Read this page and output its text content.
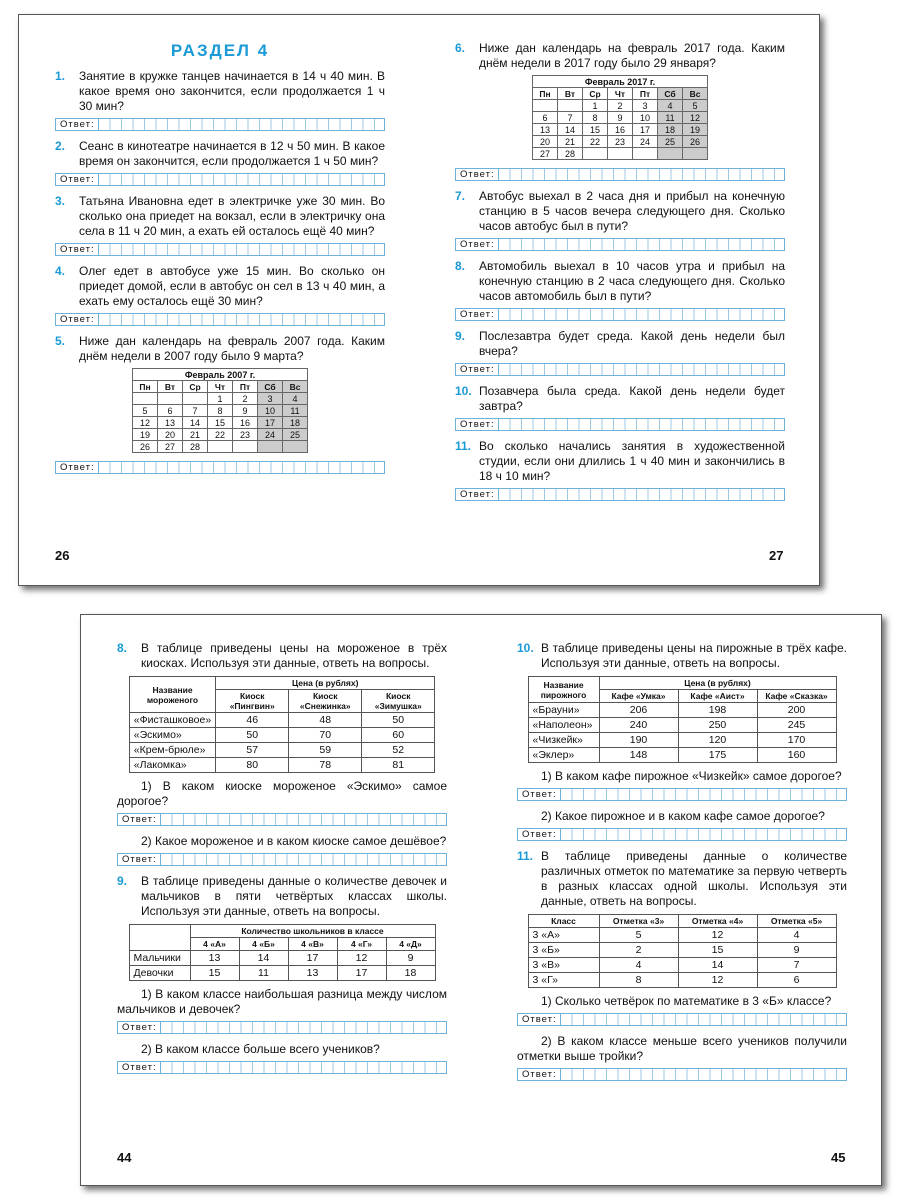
РАЗДЕЛ 4
1.	Занятие в кружке танцев начинается в 14 ч 40 мин. В какое время оно закончится, если продолжается 1 ч 30 мин?
Ответ:
2.	Сеанс в кинотеатре начинается в 12 ч 50 мин. В какое время он закончится, если продолжается 1 ч 50 мин?
Ответ:
3.	Татьяна Ивановна едет в электричке уже 30 мин. Во сколько она приедет на вокзал, если в электричку она села в 11 ч 20 мин, а ехать ей осталось ещё 40 мин?
Ответ:
4.	Олег едет в автобусе уже 15 мин. Во сколько он приедет домой, если в автобус он сел в 13 ч 40 мин, а ехать ему осталось ещё 30 мин?
Ответ:
5.	Ниже дан календарь на февраль 2007 года. Каким днём недели в 2007 году было 9 марта?
Февраль 2007 г.						
Пн	Вт	Ср	Чт	Пт	Сб	Вс
			1	2	3	4
5	6	7	8	9	10	11
12	13	14	15	16	17	18
19	20	21	22	23	24	25
26	27	28				
Ответ:
26
6.	Ниже дан календарь на февраль 2017 года. Каким днём недели в 2017 году было 29 января?
Февраль 2017 г.						
Пн	Вт	Ср	Чт	Пт	Сб	Вс
		1	2	3	4	5
6	7	8	9	10	11	12
13	14	15	16	17	18	19
20	21	22	23	24	25	26
27	28					
Ответ:
7.	Автобус выехал в 2 часа дня и прибыл на конечную станцию в 5 часов вечера следующего дня. Сколько часов автобус был в пути?
Ответ:
8.	Автомобиль выехал в 10 часов утра и прибыл на конечную станцию в 2 часа следующего дня. Сколько часов автомобиль был в пути?
Ответ:
9.	Послезавтра будет среда. Какой день недели был вчера?
Ответ:
10. Позавчера была среда. Какой день недели будет завтра?
Ответ:
11. Во сколько начались занятия в художественной студии, если они длились 1 ч 40 мин и закончились в 18 ч 10 мин?
Ответ:
27
8.	В таблице приведены цены на мороженое в трёх киосках. Используя эти данные, ответь на вопросы.
Название мороженого	Цена (в рублях)		
	Киоск «Пингвин»	Киоск «Снежинка»	Киоск «Зимушка»
«Фисташковое»	46	48	50
«Эскимо»	50	70	60
«Крем-брюле»	57	59	52
«Лакомка»	80	78	81
1) В каком киоске мороженое «Эскимо» самое дорогое?
Ответ:
2) Какое мороженое и в каком киоске самое дешёвое?
Ответ:
9.	В таблице приведены данные о количестве девочек и мальчиков в пяти четвёртых классах школы. Используя эти данные, ответь на вопросы.
	Количество школьников в классе				
	4 «А»	4 «Б»	4 «В»	4 «Г»	4 «Д»
Мальчики	13	14	17	12	9
Девочки	15	11	13	17	18
1) В каком классе наибольшая разница между числом мальчиков и девочек?
Ответ:
2) В каком классе больше всего учеников?
Ответ:
44
10. В таблице приведены цены на пирожные в трёх кафе. Используя эти данные, ответь на вопросы.
Название пирожного	Цена (в рублях)		
	Кафе «Умка»	Кафе «Аист»	Кафе «Сказка»
«Брауни»	206	198	200
«Наполеон»	240	250	245
«Чизкейк»	190	120	170
«Эклер»	148	175	160
1) В каком кафе пирожное «Чизкейк» самое дорогое?
Ответ:
2) Какое пирожное и в каком кафе самое дорогое?
Ответ:
11. В таблице приведены данные о количестве различных отметок по математике за первую четверть в разных классах одной школы. Используя эти данные, ответь на вопросы.
Класс	Отметка «3»	Отметка «4»	Отметка «5»
3 «А»	5	12	4
3 «Б»	2	15	9
3 «В»	4	14	7
3 «Г»	8	12	6
1) Сколько четвёрок по математике в 3 «Б» классе?
Ответ:
2) В каком классе меньше всего учеников получили отметки выше тройки?
Ответ:
45
